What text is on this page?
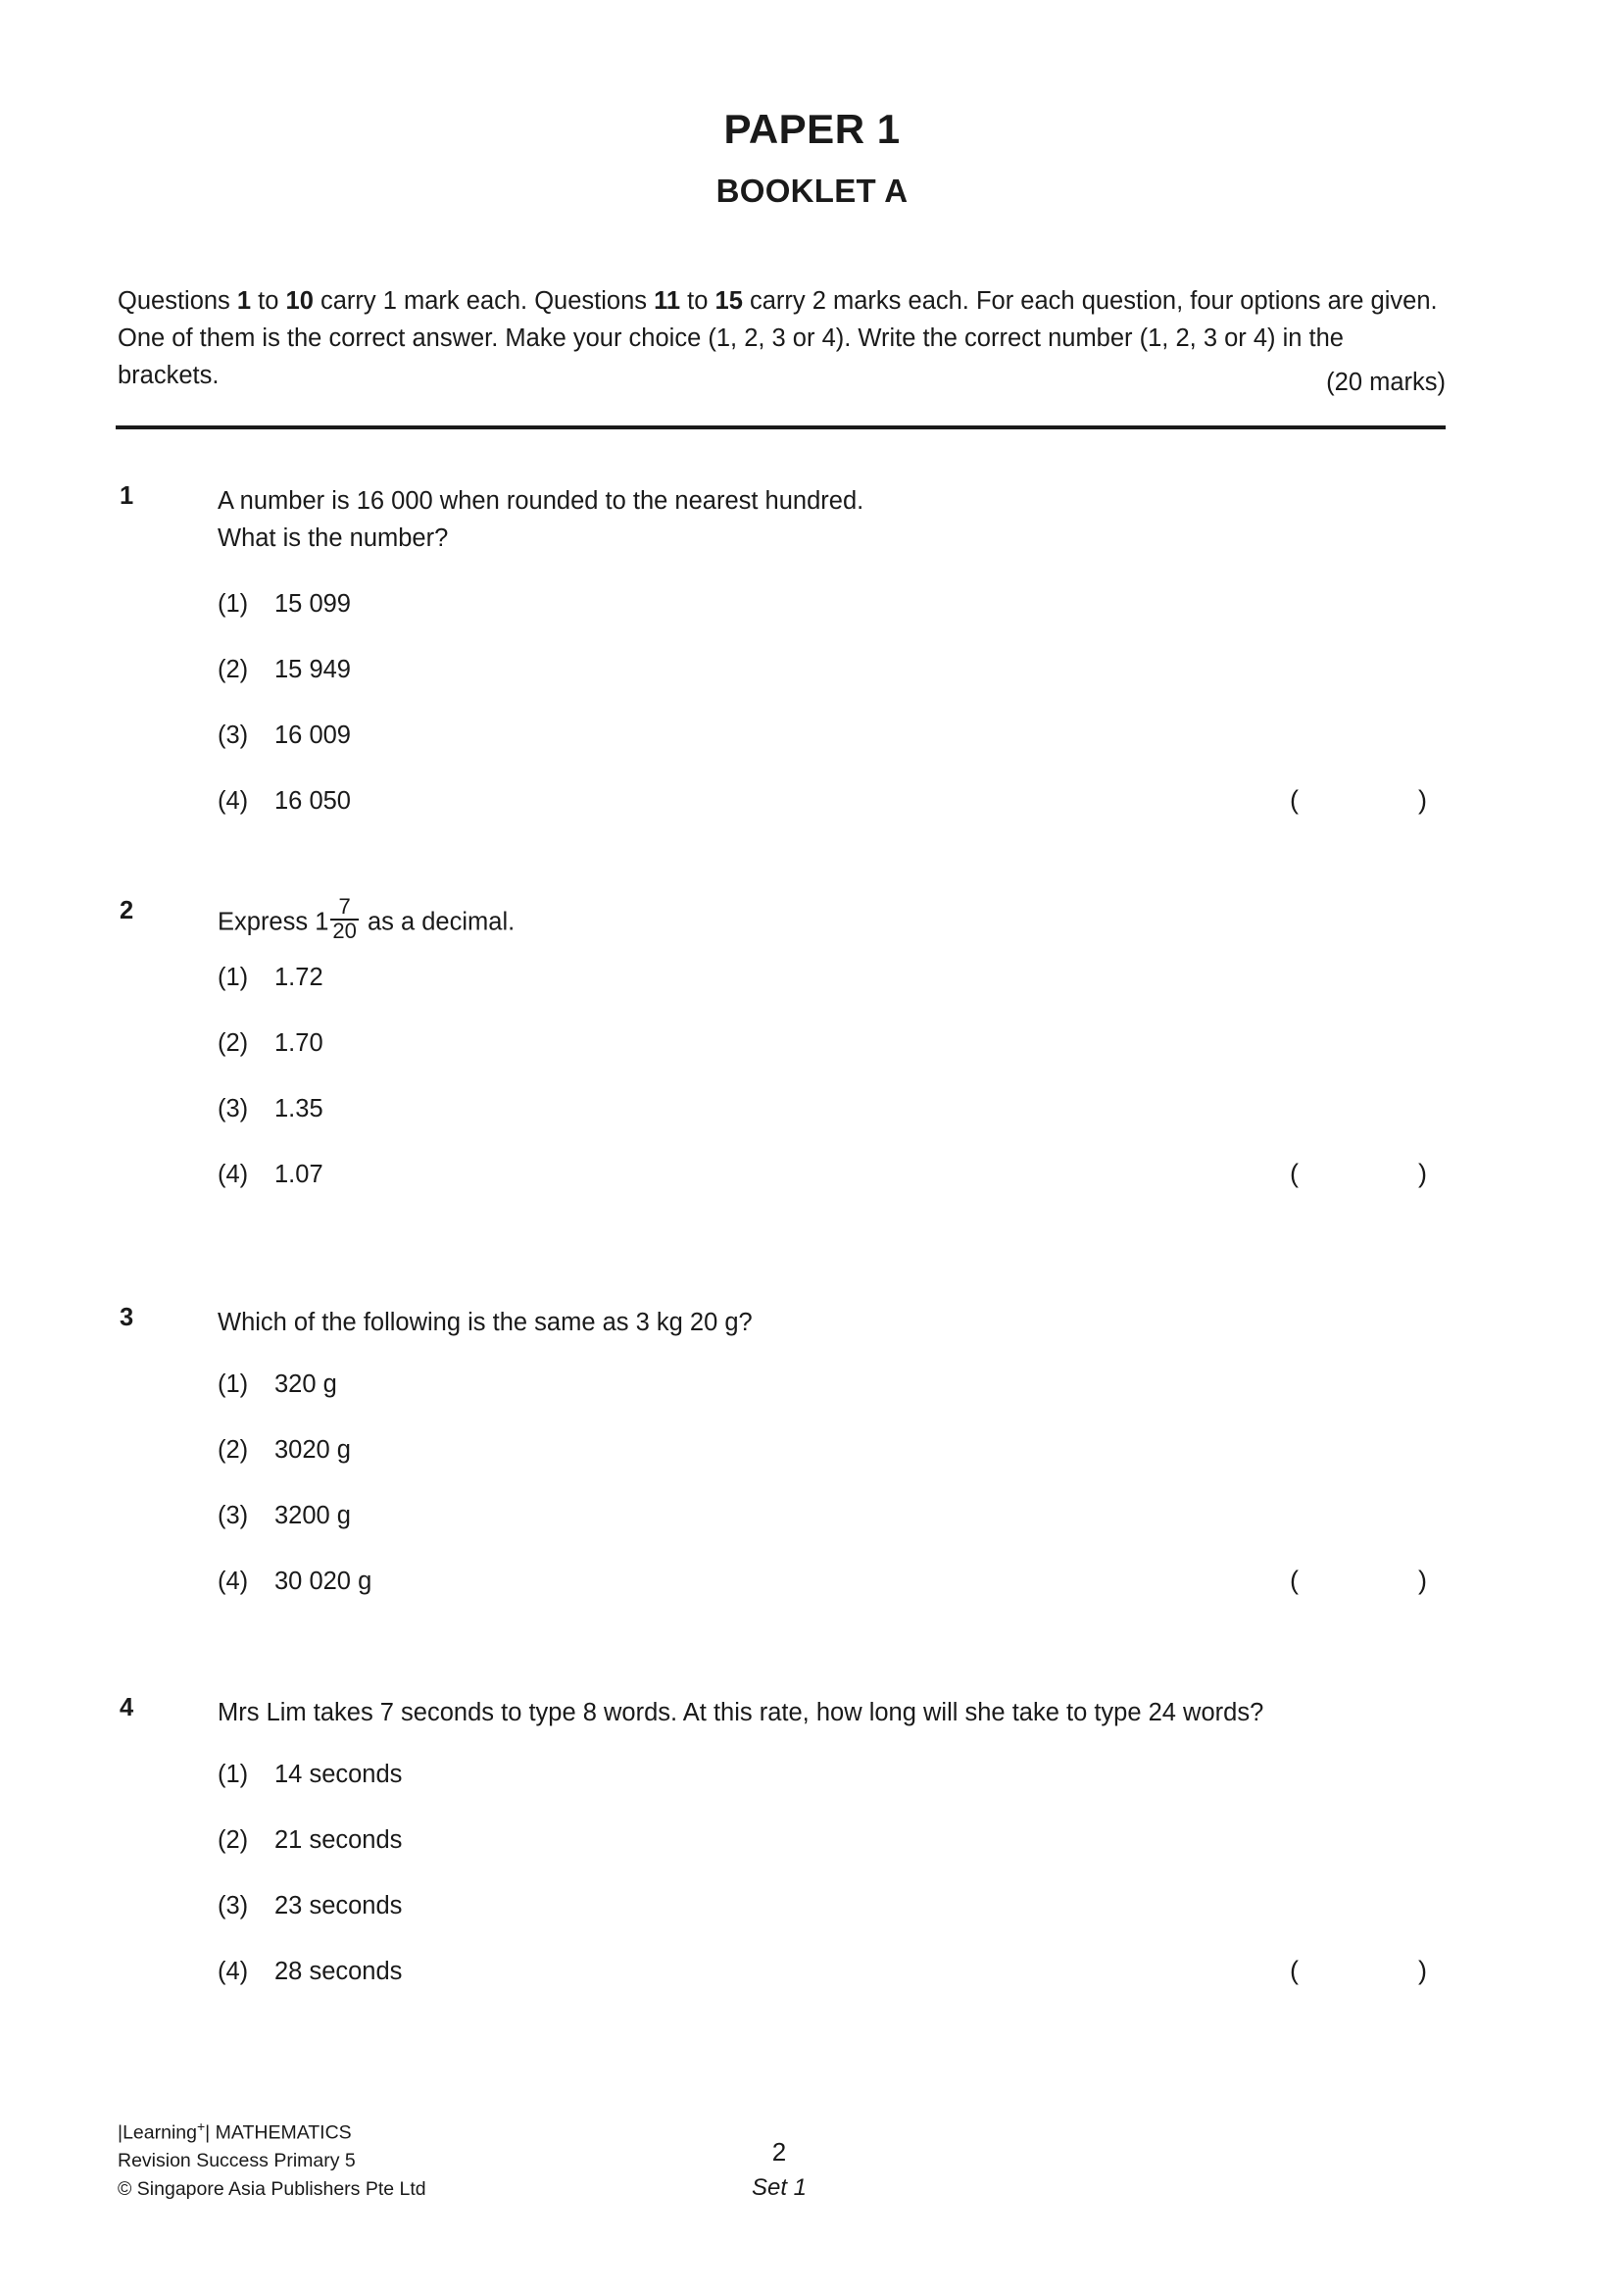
PAPER 1
BOOKLET A

Questions 1 to 10 carry 1 mark each. Questions 11 to 15 carry 2 marks each. For each question, four options are given. One of them is the correct answer. Make your choice (1, 2, 3 or 4). Write the correct number (1, 2, 3 or 4) in the brackets.	(20 marks)
1	A number is 16 000 when rounded to the nearest hundred.
What is the number?
(1) 15 099
(2) 15 949
(3) 16 009
(4) 16 050	(	)
2	Express $1 \frac{7}{20}$ as a decimal.
(1) 1.72
(2) 1.70
(3) 1.35
(4) 1.07	(	)
3	Which of the following is the same as 3 kg 20 g?
(1) 320 g
(2) 3020 g
(3) 3200 g
(4) 30 020 g	(	)
4	Mrs Lim takes 7 seconds to type 8 words. At this rate, how long will she take to type 24 words?
(1) 14 seconds
(2) 21 seconds
(3) 23 seconds
(4) 28 seconds	(	)
|Learning+| MATHEMATICS
Revision Success Primary 5
© Singapore Asia Publishers Pte Ltd
2
Set 1
